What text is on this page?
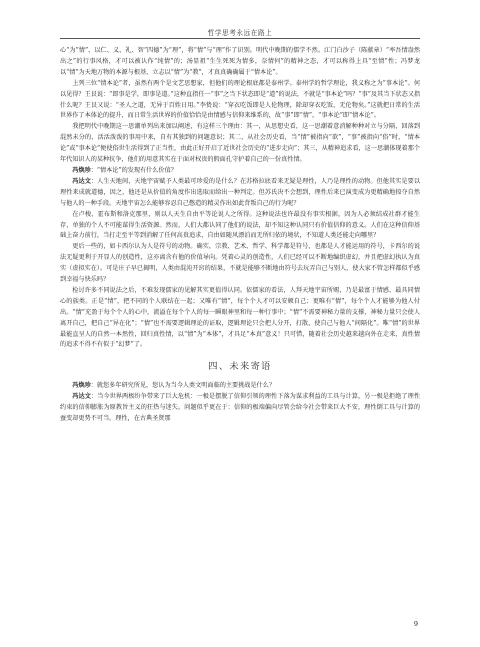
哲学思考永远在路上

心“为”情”，以仁、义、礼、智“四德”为“理”，将“情”与“理”作了识别。明代中晚期的儒学不然。江门白沙子（陈献章）“率吾情盎然出之”的行事风格，才可以被认作“纯情”的；汤显祖“生生死死为情多，奈情何”的精神之态，才可以称得上具“至情”性；冯梦龙以“情”为天地万物的本源与根基，立志以“情”为“教”，才真真确确属于“情本论”。

上列三位“情本论”者，虽然有两个是文艺思想家，但他们的理论根底都是泰州学。泰州学的哲学理论，我义称之为“事本论”。何以见得？王艮说：“即事是学，即事是道。”这种直指任一“事”之当下状态即是“道”的说法，不就是“事本论”吗？“事”及其当下状态又指什么呢？王艮又说：“圣人之道，无异于百姓日用。”李贽说：“穿衣吃饭即是人伦物理，除却穿衣吃饭，无伦物矣。”这就把日常的生活世界作了本体论的提升，而日常生活世界的价值恰恰是由情感与信仰来维系的，故“事”即“情”，“事本论”即“情本论”。

我把明代中晚期这一思潮单列出来加以阐述，有这样三个理由：其一，从思想史看，这一思潮着意消解种种对立与分隔，回落到混然未分的、活活泼泼的事用中来，自有其独到的问题意识；其二，从社会历史看，当“情”被指向“欲”，“事”被指向“俗”时，“情本论”或“事本论”便使俗世生活得到了正当性，由此正好开启了近世社会历史的“进步走向”；其三，从精神追求看，这一思潮体现着那个年代知识人的某种抗争，他们的用意其实在于面对权贵的假面孔守护着自己的一份真性情。

冯焕珍：“情本论”的发现有什么价值？

冯达文：人生天地间，天地宇宙赋予人类最可珍爱的是什么？在苏格拉底看来无疑是理性，人乃是理性的动物。但他其实是要以理性来成就道德，因之，他还是从价值的角度作出选取而给出一种判定。但苏氏决不会想到，理性后来已演变成为更精确地掠夺自然与他人的一种手段。天地宇宙怎么能够容忍自己憋造的精灵作出如此背叛自己的行为呢？

在卢梭、霍布斯和洛克那里，则以人天生自由平等论说人之所得。这种说法也许最没有事实根据，因为人必须结成社群才能生存，单独的个人不可能谋得生活资源。然而，人们大都认同了他们的说法，却不知这种认同只有价值信仰的意义。人们在这种信仰基础上奋力前行，当打走至平等到消解了任何高贵追求，自由如随风漂泊而无所归依的境状，不知道人类还能走向哪里？

更后一些的，如卡西尔认为人是符号的动物。确实，宗教、艺术、哲学、科学都是符号，也都是人才能运用的符号，卡西尔的说法无疑更利于开显人的创造性，这亦离含有他的价值导向。凭着心灵的创造性，人们已经可以不断地编织虚幻，并且把虚幻执认为真实（虚拟实在）。可是庄子早已揭明，人类由混沌开窍的结果，不就是能够不断地由符号去玩弄自己与别人，使大家不管怎样都似乎感到幸福与快乐吗？

检讨许多不同说法之后，不难发现儒家的见解其实更值得认同。依儒家的看法，人拜天地宇宙所赐，乃是最富于情感、最具同情心的族类。正是“情”，把不同的个人联结在一起；又唯有“情”，每个个人才可以安顿自己；更唯有“情”，每个个人才能够为他人付出。“情”充盈于每个个人的心中，流溢在每个个人的每一瞬眼神里和每一种行事中；“情”不需要神秘力量的支撑，神秘力量只会使人离开自己，把自己“异在化”；“情”也不需要逻辑理论的证取，逻辑理论只会把人分开，打散，使自己与他人“间隔化”。唯“情”的世界最能直呈人的自然一本然性，回归真性情，以“情”为“本体”，才具足“本真”意义！只可惜，随着社会历史越来越向外在走来，真性情的追求不得不有似于“幻梦”了。

四、未来寄语

冯焕珍：就您多年研究所见，您认为当今人类文明面临的主要挑战是什么？

冯达文：当今世界两极纷争带来了巨大危机：一极是摆脱了信仰引领的理性下落为谋求利益的工具与计算，另一极是拒绝了理性约束的信仰膨胀为原教旨主义的狂热与迷失。问题似乎更在于：信仰的极端偏向尽管会给今社会带来巨大不安，理性倒工具与计算的蚕变却更势不可当。理性，在古典圣贤那

9
